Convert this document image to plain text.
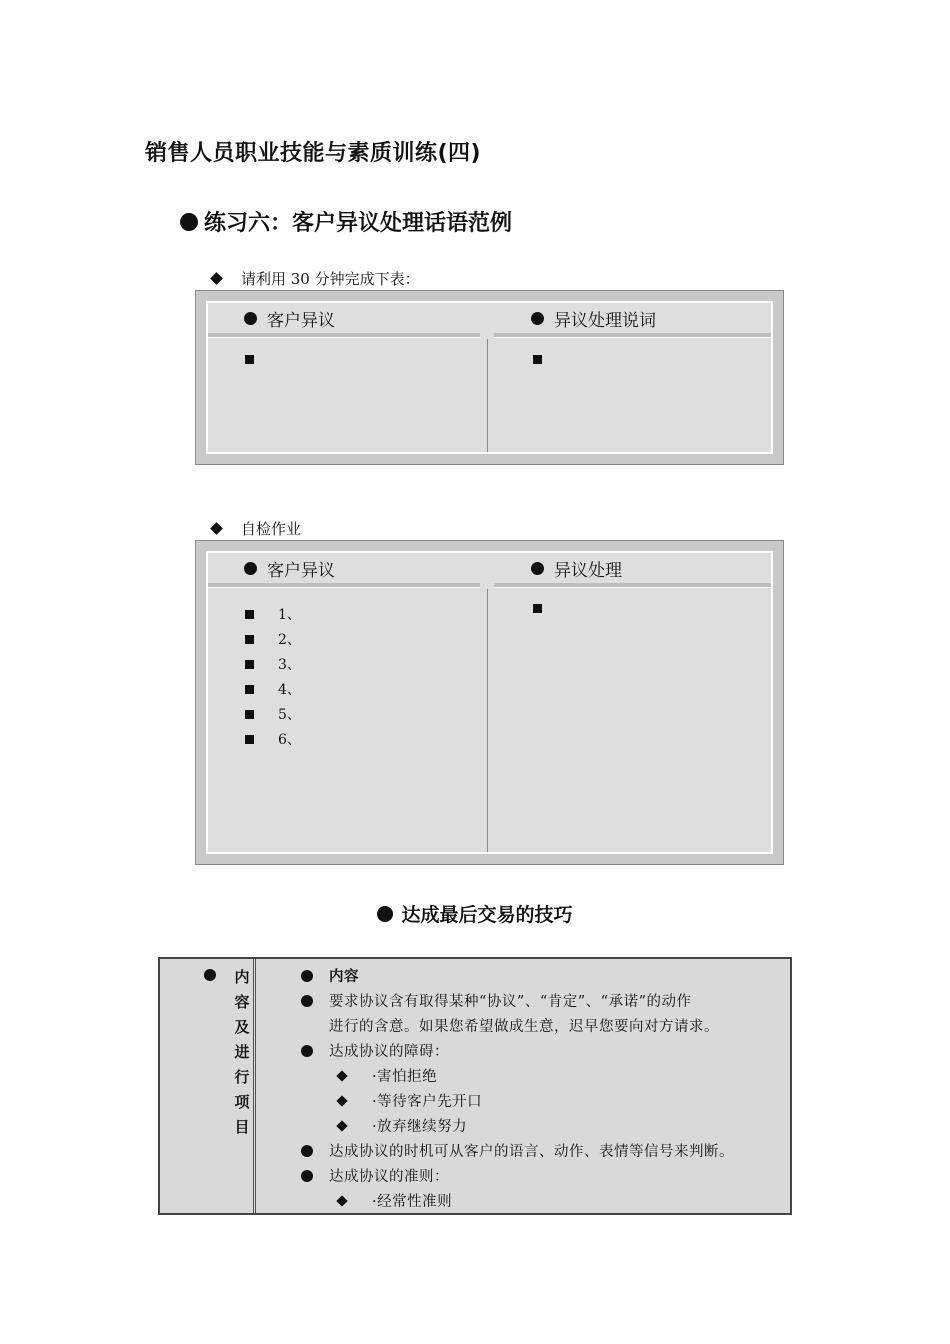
销售人员职业技能与素质训练(四)
练习六：客户异议处理话语范例
请利用 30 分钟完成下表：
客户异议	异议处理说词
自检作业
客户异议	异议处理
1、
2、
3、
4、
5、
6、
达成最后交易的技巧
内
容
及
进
行
项
目
内容
要求协议含有取得某种“协议”、“肯定”、“承诺”的动作
进行的含意。如果您希望做成生意，迟早您要向对方请求。
达成协议的障碍：
·害怕拒绝
·等待客户先开口
·放弃继续努力
达成协议的时机可从客户的语言、动作、表情等信号来判断。
达成协议的准则：
·经常性准则
